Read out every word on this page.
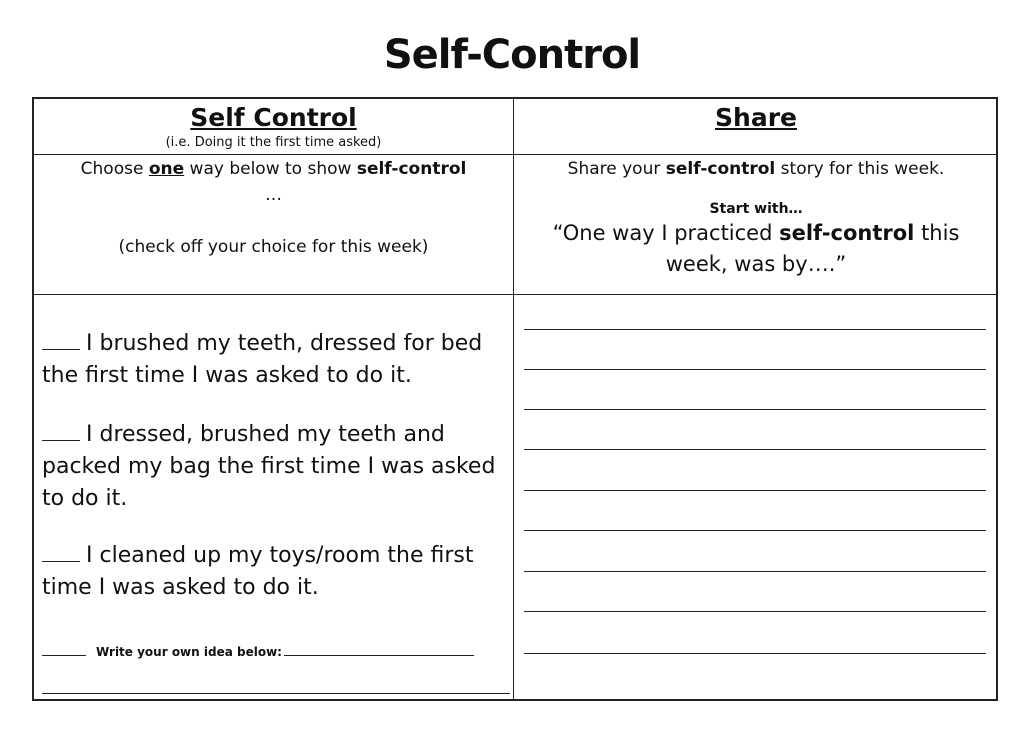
Self-Control
Self Control
(i.e. Doing it the first time asked)
Share
Choose one way below to show self-control
…
(check off your choice for this week)
Share your self-control story for this week.
Start with…
“One way I practiced self-control this week, was by….”
I brushed my teeth, dressed for bed the first time I was asked to do it.
I dressed, brushed my teeth and packed my bag the first time I was asked to do it.
I cleaned up my toys/room the first time I was asked to do it.
Write your own idea below:
